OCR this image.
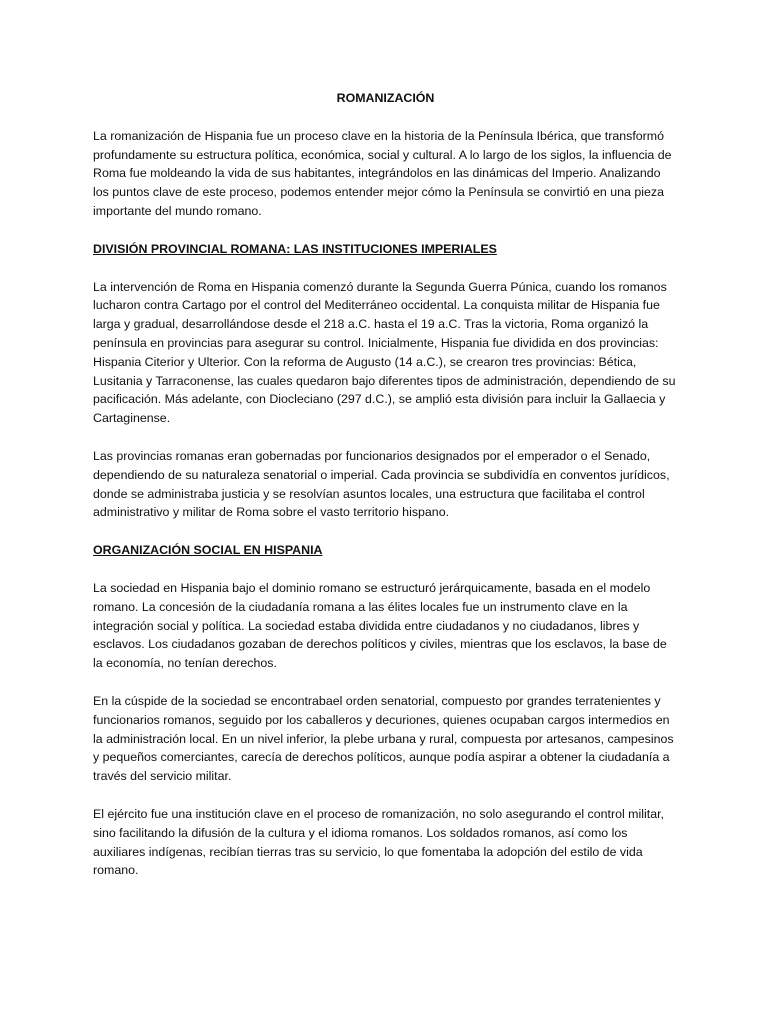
ROMANIZACIÓN
La romanización de Hispania fue un proceso clave en la historia de la Península Ibérica, que transformó profundamente su estructura política, económica, social y cultural. A lo largo de los siglos, la influencia de Roma fue moldeando la vida de sus habitantes, integrándolos en las dinámicas del Imperio. Analizando los puntos clave de este proceso, podemos entender mejor cómo la Península se convirtió en una pieza importante del mundo romano.
DIVISIÓN PROVINCIAL ROMANA: LAS INSTITUCIONES IMPERIALES
La intervención de Roma en Hispania comenzó durante la Segunda Guerra Púnica, cuando los romanos lucharon contra Cartago por el control del Mediterráneo occidental. La conquista militar de Hispania fue larga y gradual, desarrollándose desde el 218 a.C. hasta el 19 a.C. Tras la victoria, Roma organizó la península en provincias para asegurar su control. Inicialmente, Hispania fue dividida en dos provincias: Hispania Citerior y Ulterior. Con la reforma de Augusto (14 a.C.), se crearon tres provincias: Bética, Lusitania y Tarraconense, las cuales quedaron bajo diferentes tipos de administración, dependiendo de su pacificación. Más adelante, con Diocleciano (297 d.C.), se amplió esta división para incluir la Gallaecia y Cartaginense.
Las provincias romanas eran gobernadas por funcionarios designados por el emperador o el Senado, dependiendo de su naturaleza senatorial o imperial. Cada provincia se subdividía en conventos jurídicos, donde se administraba justicia y se resolvían asuntos locales, una estructura que facilitaba el control administrativo y militar de Roma sobre el vasto territorio hispano.
ORGANIZACIÓN SOCIAL EN HISPANIA
La sociedad en Hispania bajo el dominio romano se estructuró jerárquicamente, basada en el modelo romano. La concesión de la ciudadanía romana a las élites locales fue un instrumento clave en la integración social y política. La sociedad estaba dividida entre ciudadanos y no ciudadanos, libres y esclavos. Los ciudadanos gozaban de derechos políticos y civiles, mientras que los esclavos, la base de la economía, no tenían derechos.
En la cúspide de la sociedad se encontrabael orden senatorial, compuesto por grandes terratenientes y funcionarios romanos, seguido por los caballeros y decuriones, quienes ocupaban cargos intermedios en la administración local. En un nivel inferior, la plebe urbana y rural, compuesta por artesanos, campesinos y pequeños comerciantes, carecía de derechos políticos, aunque podía aspirar a obtener la ciudadanía a través del servicio militar.
El ejército fue una institución clave en el proceso de romanización, no solo asegurando el control militar, sino facilitando la difusión de la cultura y el idioma romanos. Los soldados romanos, así como los auxiliares indígenas, recibían tierras tras su servicio, lo que fomentaba la adopción del estilo de vida romano.
